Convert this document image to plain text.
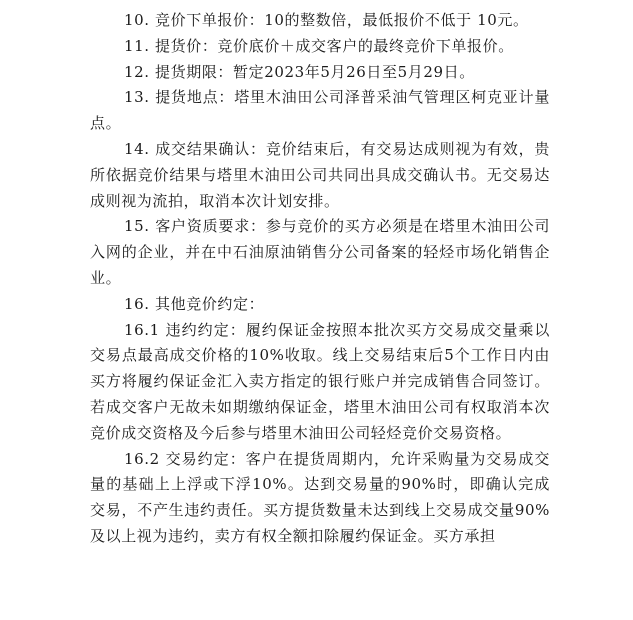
10. 竞价下单报价：10的整数倍，最低报价不低于 10元。

11. 提货价：竞价底价＋成交客户的最终竞价下单报价。

12. 提货期限：暂定2023年5月26日至5月29日。

13. 提货地点：塔里木油田公司泽普采油气管理区柯克亚计量点。

14. 成交结果确认：竞价结束后，有交易达成则视为有效，贵所依据竞价结果与塔里木油田公司共同出具成交确认书。无交易达成则视为流拍，取消本次计划安排。

15. 客户资质要求：参与竞价的买方必须是在塔里木油田公司入网的企业，并在中石油原油销售分公司备案的轻烃市场化销售企业。

16. 其他竞价约定：

16.1 违约约定：履约保证金按照本批次买方交易成交量乘以交易点最高成交价格的10%收取。线上交易结束后5个工作日内由买方将履约保证金汇入卖方指定的银行账户并完成销售合同签订。若成交客户无故未如期缴纳保证金，塔里木油田公司有权取消本次竞价成交资格及今后参与塔里木油田公司轻烃竞价交易资格。

16.2 交易约定：客户在提货周期内，允许采购量为交易成交量的基础上上浮或下浮10%。达到交易量的90%时，即确认完成交易，不产生违约责任。买方提货数量未达到线上交易成交量90%及以上视为违约，卖方有权全额扣除履约保证金。买方承担
